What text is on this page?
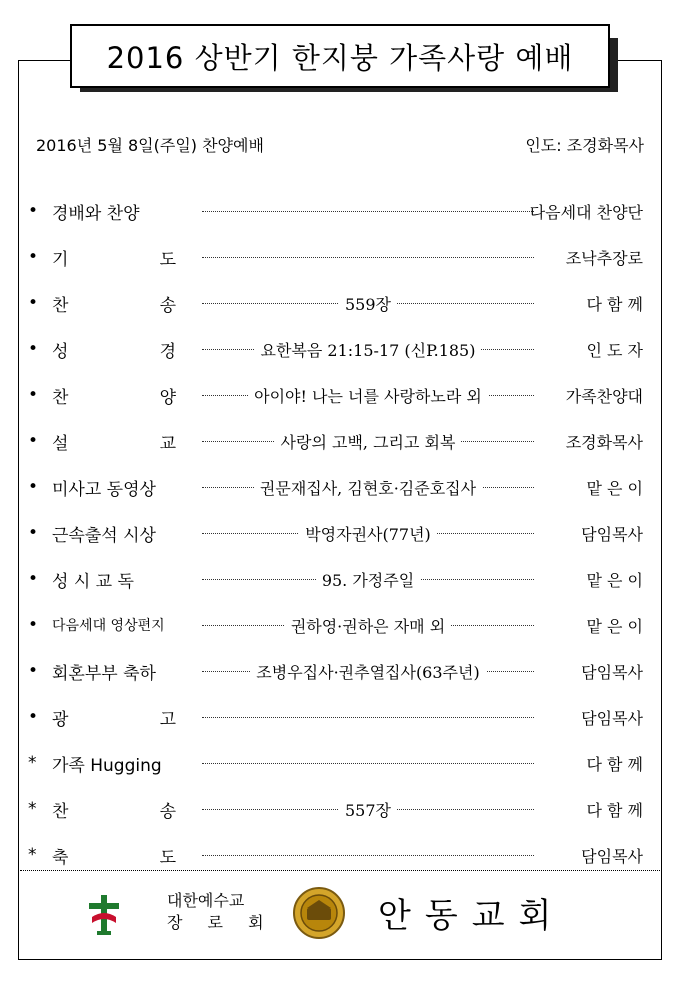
2016 상반기 한지붕 가족사랑 예배
2016년 5월 8일(주일) 찬양예배	인도: 조경화목사
• 경배와 찬양	다음세대 찬양단
• 기	도	조낙추장로
• 찬	송	559장	다 함 께
• 성	경	요한복음 21:15-17 (신P.185)	인 도 자
• 찬	양	아이야! 나는 너를 사랑하노라 외	가족찬양대
• 설	교	사랑의 고백, 그리고 회복	조경화목사
• 미사고 동영상	권문재집사, 김현호·김준호집사	맡 은 이
• 근속출석 시상	박영자권사(77년)	담임목사
• 성 시 교 독	95. 가정주일	맡 은 이
• 다음세대 영상편지	권하영·권하은 자매 외	맡 은 이
• 회혼부부 축하	조병우집사·권추열집사(63주년)	담임목사
• 광	고	담임목사
* 가족 Hugging	다 함 께
* 찬	송	557장	다 함 께
* 축	도	담임목사
대한예수교
장 로 회	안동교회
